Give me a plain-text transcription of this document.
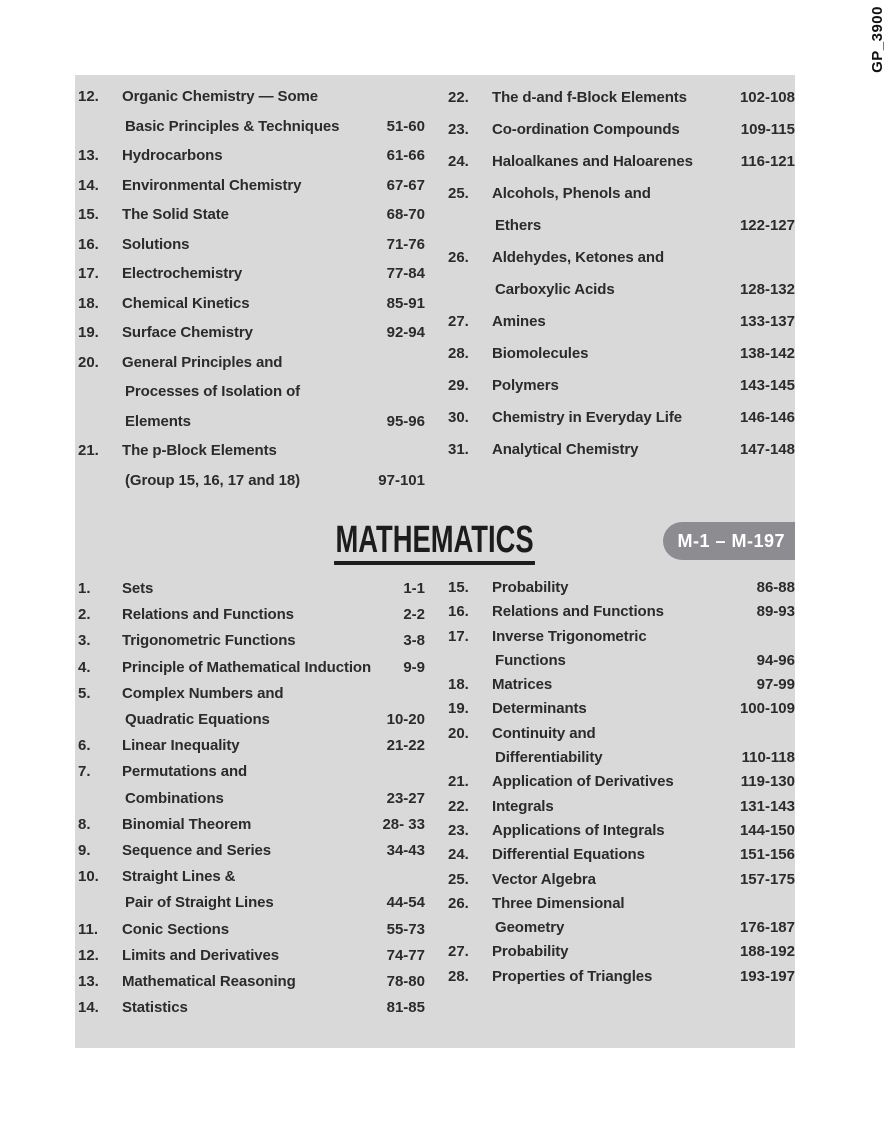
GP_3900
12.	Organic Chemistry — Some
Basic Principles & Techniques	51-60
13.	Hydrocarbons	61-66
14.	Environmental Chemistry	67-67
15.	The Solid State	68-70
16.	Solutions	71-76
17.	Electrochemistry	77-84
18.	Chemical Kinetics	85-91
19.	Surface Chemistry	92-94
20.	General Principles and
Processes of Isolation of
Elements	95-96
21.	The p-Block Elements
(Group 15, 16, 17 and 18)	97-101
22.	The d-and f-Block Elements	102-108
23.	Co-ordination Compounds	109-115
24.	Haloalkanes and Haloarenes	116-121
25.	Alcohols, Phenols and
Ethers	122-127
26.	Aldehydes, Ketones and
Carboxylic Acids	128-132
27.	Amines	133-137
28.	Biomolecules	138-142
29.	Polymers	143-145
30.	Chemistry in Everyday Life	146-146
31.	Analytical Chemistry	147-148
MATHEMATICS	M-1 – M-197
1.	Sets	1-1
2.	Relations and Functions	2-2
3.	Trigonometric Functions	3-8
4.	Principle of Mathematical Induction	9-9
5.	Complex Numbers and
Quadratic Equations	10-20
6.	Linear Inequality	21-22
7.	Permutations and
Combinations	23-27
8.	Binomial Theorem	28- 33
9.	Sequence and Series	34-43
10.	Straight Lines &
Pair of Straight Lines	44-54
11.	Conic Sections	55-73
12.	Limits and Derivatives	74-77
13.	Mathematical Reasoning	78-80
14.	Statistics	81-85
15.	Probability	86-88
16.	Relations and Functions	89-93
17.	Inverse Trigonometric
Functions	94-96
18.	Matrices	97-99
19.	Determinants	100-109
20.	Continuity and
Differentiability	110-118
21.	Application of Derivatives	119-130
22.	Integrals	131-143
23.	Applications of Integrals	144-150
24.	Differential Equations	151-156
25.	Vector Algebra	157-175
26.	Three Dimensional
Geometry	176-187
27.	Probability	188-192
28.	Properties of Triangles	193-197
